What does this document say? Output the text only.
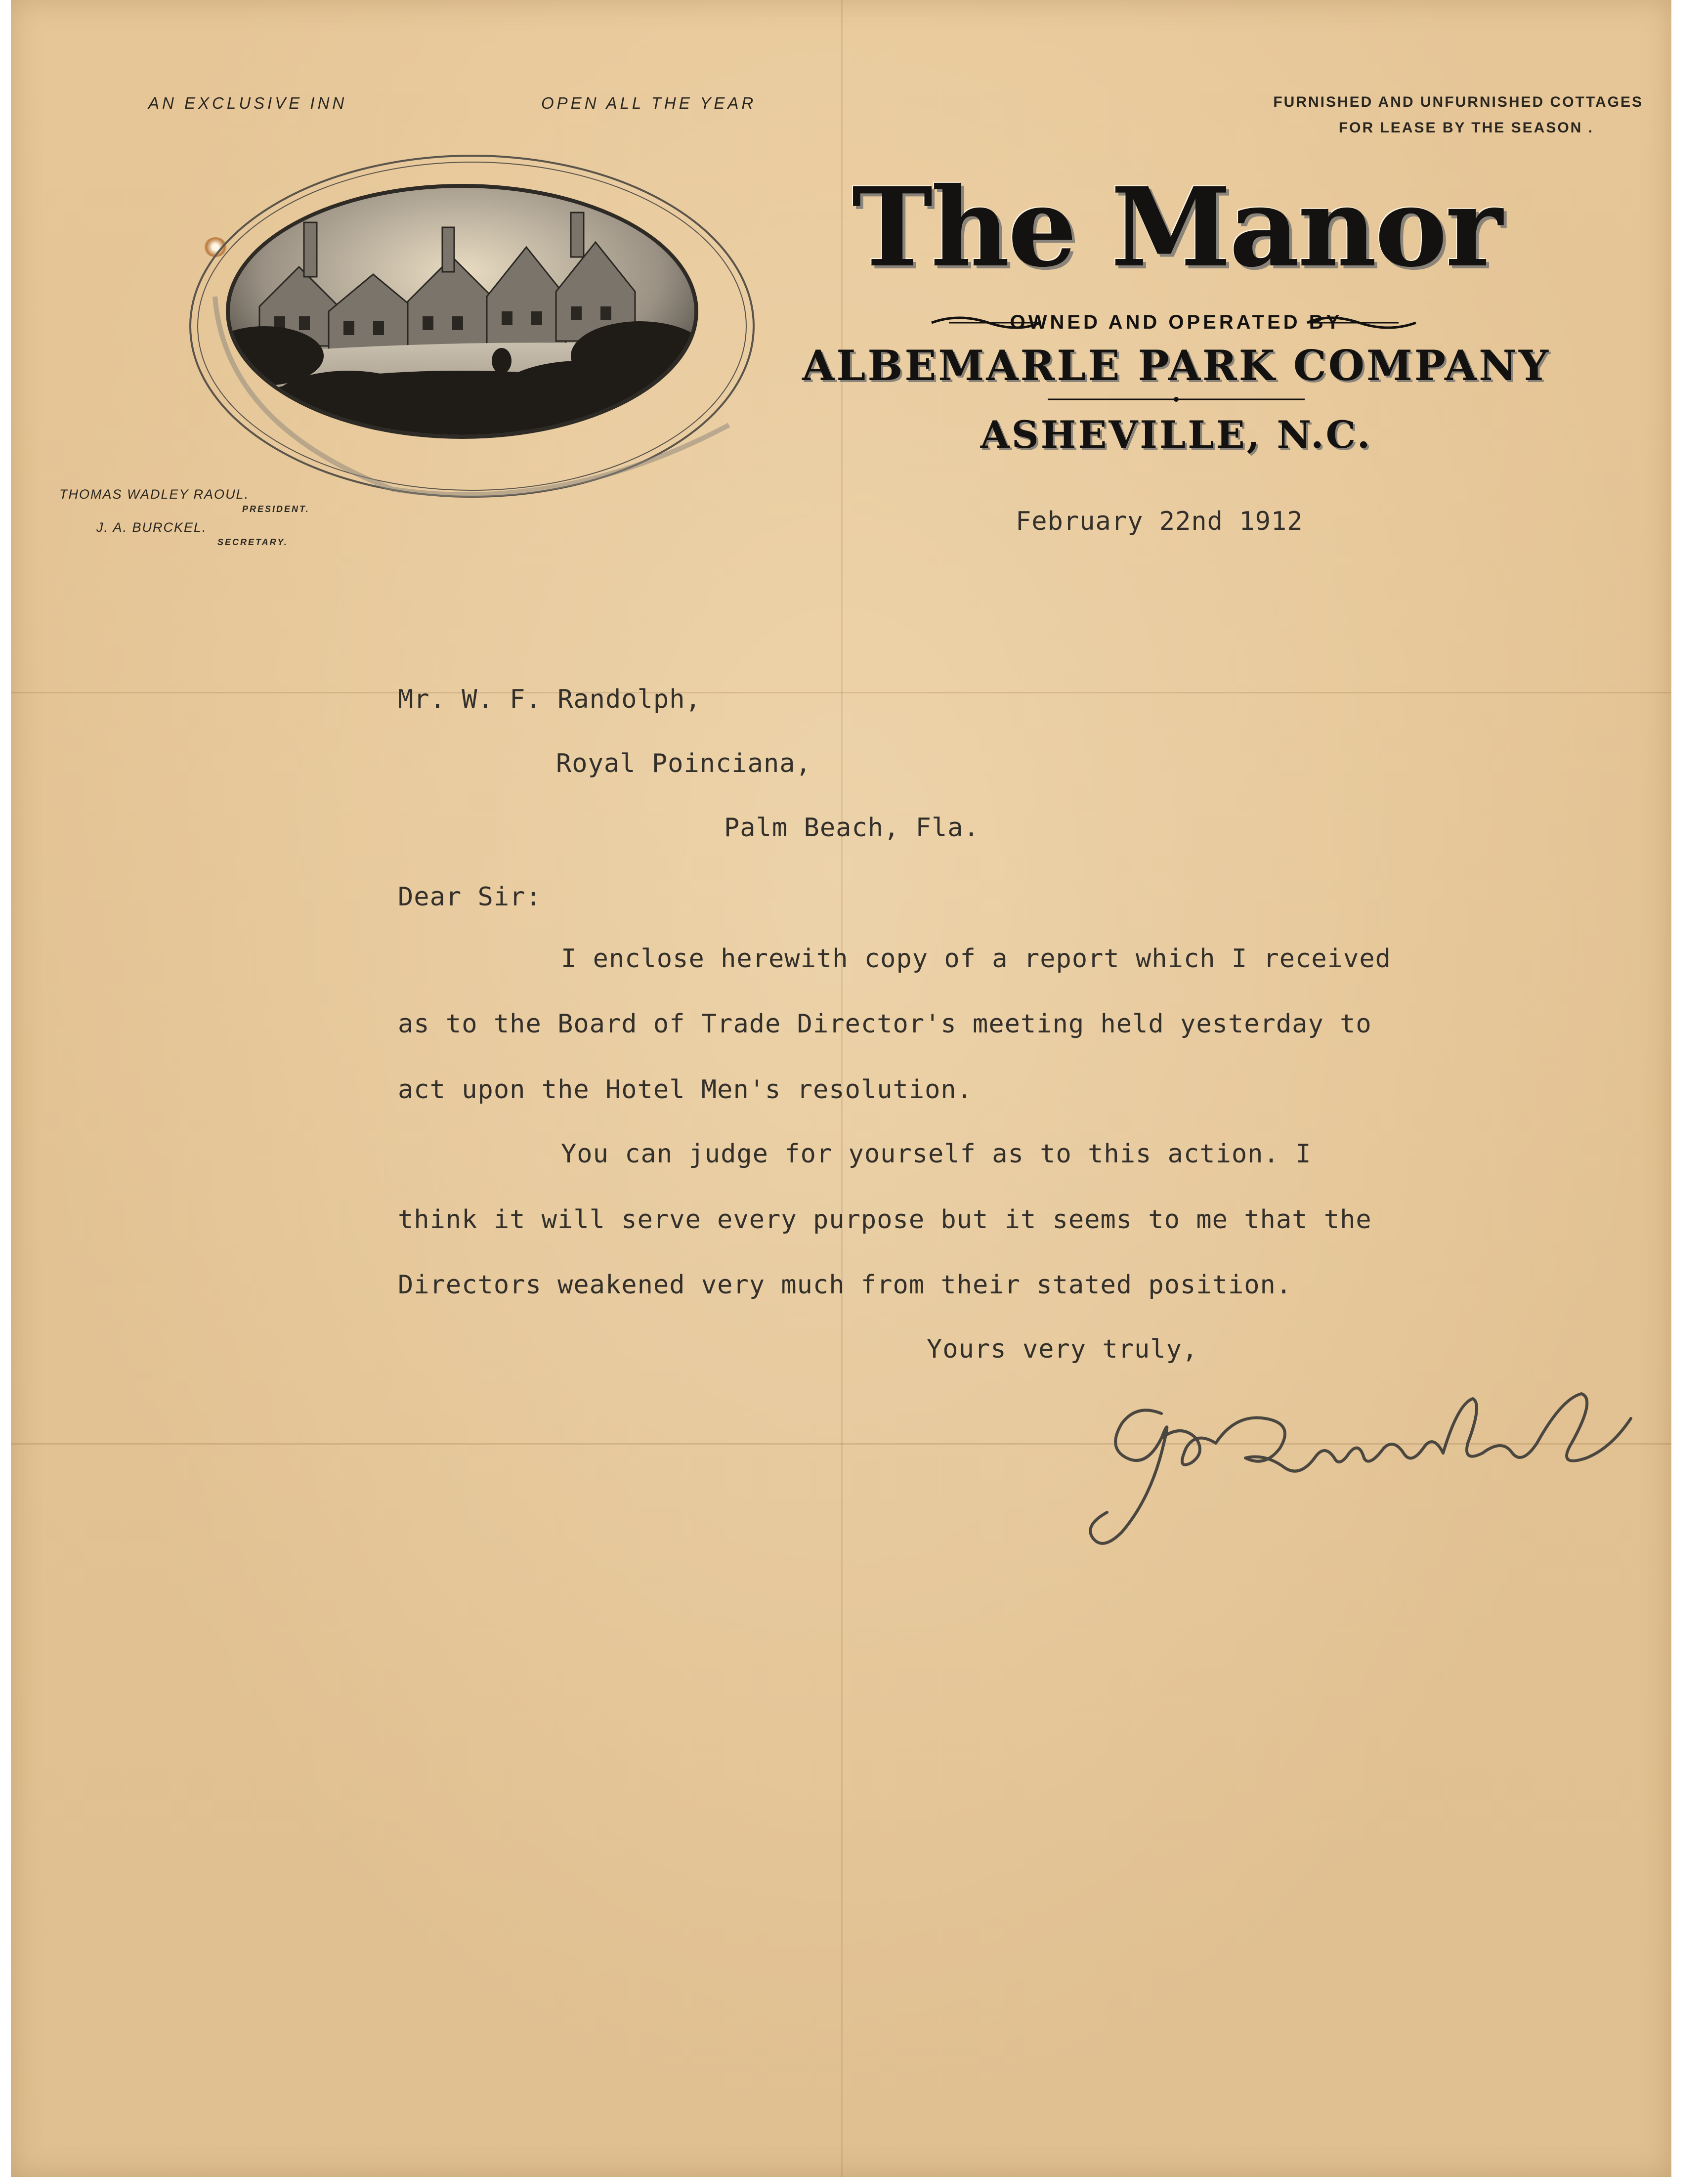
AN EXCLUSIVE INN	OPEN ALL THE YEAR	FURNISHED AND UNFURNISHED COTTAGES
FOR LEASE BY THE SEASON .
THOMAS WADLEY RAOUL.
PRESIDENT.
J. A. BURCKEL.
SECRETARY.
The Manor
OWNED AND OPERATED BY
ALBEMARLE PARK COMPANY
ASHEVILLE, N.C.
February 22nd 1912
Mr. W. F. Randolph,
Royal Poinciana,
Palm Beach, Fla.
Dear Sir:
I enclose herewith copy of a report which I received
as to the Board of Trade Director's meeting held yesterday to
act upon the Hotel Men's resolution.
You can judge for yourself as to this action. I
think it will serve every purpose but it seems to me that the
Directors weakened very much from their stated position.
Yours very truly,
